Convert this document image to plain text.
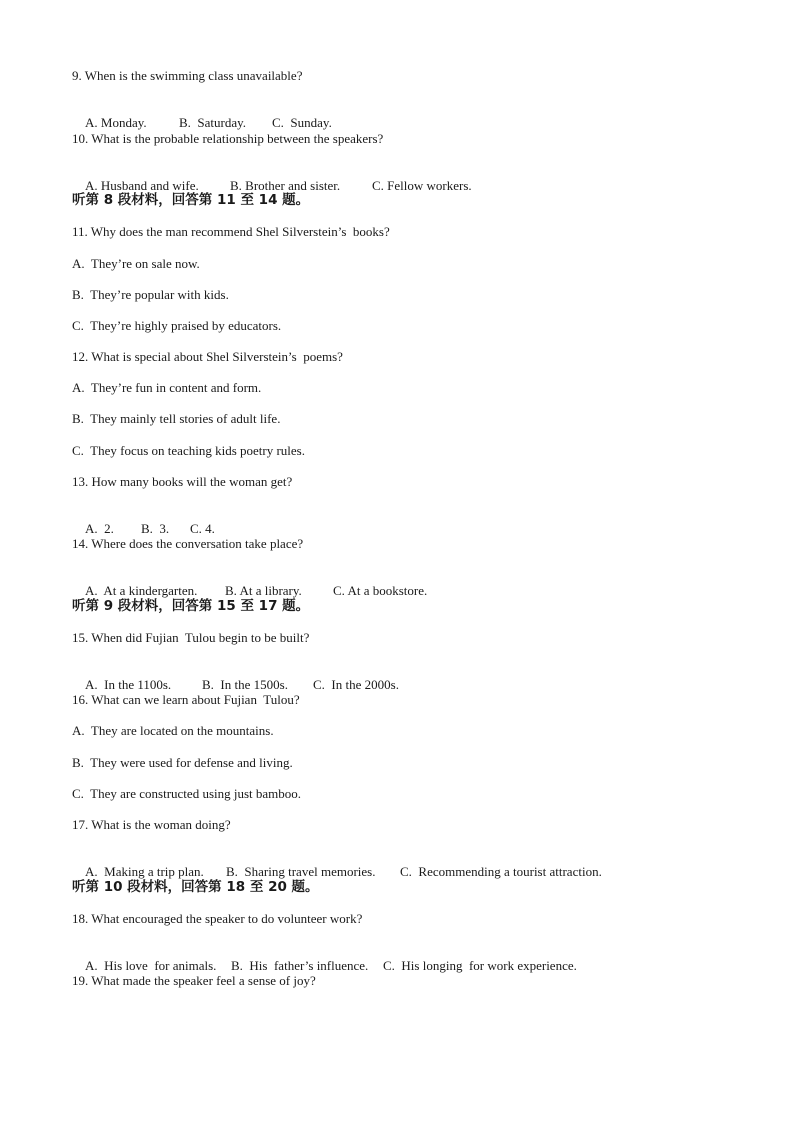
9. When is the swimming class unavailable?

A. Monday. B.  Saturday. C.  Sunday.

10. What is the probable relationship between the speakers?

A. Husband and wife. B. Brother and sister. C. Fellow workers.

听第 8 段材料，回答第 11 至 14 题。
11. Why does the man recommend Shel Silverstein’s  books?
A.  They’re on sale now.
B.  They’re popular with kids.
C.  They’re highly praised by educators.
12. What is special about Shel Silverstein’s  poems?
A.  They’re fun in content and form.
B.  They mainly tell stories of adult life.
C.  They focus on teaching kids poetry rules.
13. How many books will the woman get?

A.  2. B.  3. C. 4.

14. Where does the conversation take place?

A.  At a kindergarten. B. At a library. C. At a bookstore.

听第 9 段材料，回答第 15 至 17 题。
15. When did Fujian  Tulou begin to be built?

A.  In the 1100s. B.  In the 1500s. C.  In the 2000s.

16. What can we learn about Fujian  Tulou?
A.  They are located on the mountains.
B.  They were used for defense and living.
C.  They are constructed using just bamboo.
17. What is the woman doing?

A.  Making a trip plan. B.  Sharing travel memories. C.  Recommending a tourist attraction.

听第 10 段材料，回答第 18 至 20 题。
18. What encouraged the speaker to do volunteer work?

A.  His love  for animals. B.  His  father’s influence. C.  His longing  for work experience.

19. What made the speaker feel a sense of joy?
